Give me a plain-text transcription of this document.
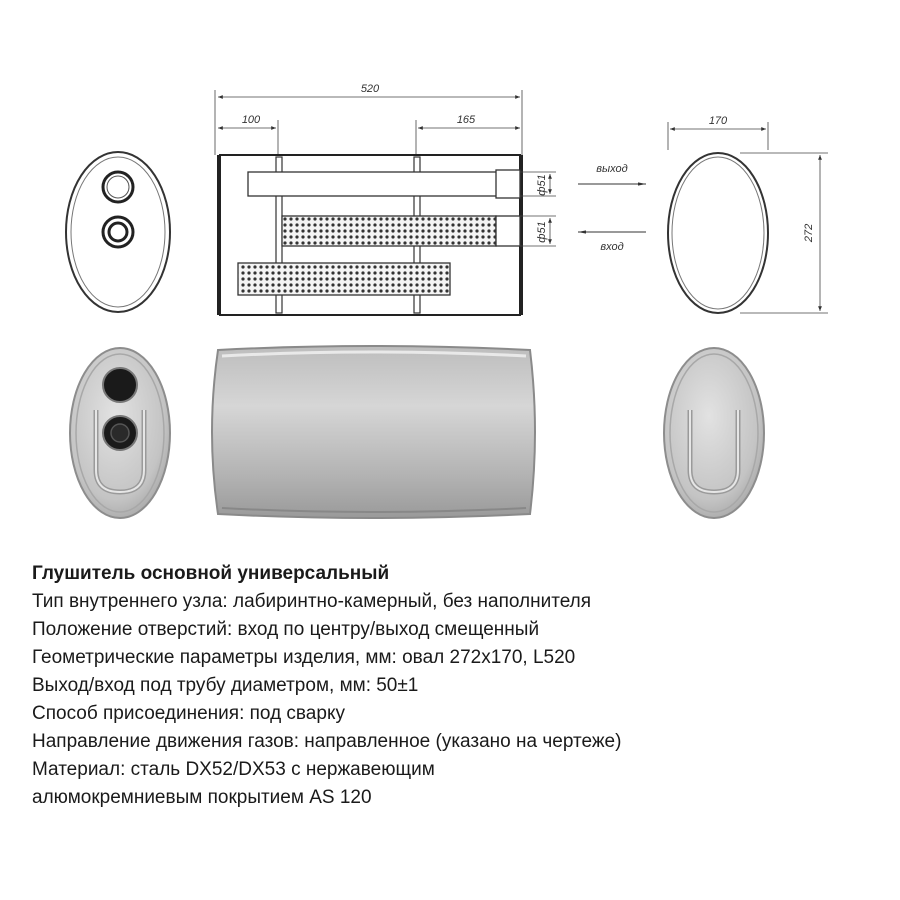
520
100	165
ф51
ф51
выход
вход
170
272
Глушитель основной универсальный
Тип внутреннего узла: лабиринтно-камерный, без наполнителя
Положение отверстий: вход по центру/выход смещенный
Геометрические параметры изделия, мм: овал 272х170, L520
Выход/вход под трубу диаметром, мм: 50±1
Способ присоединения: под сварку
Направление движения газов: направленное (указано на чертеже)
Материал: сталь DX52/DX53 с нержавеющим
алюмокремниевым покрытием AS 120
